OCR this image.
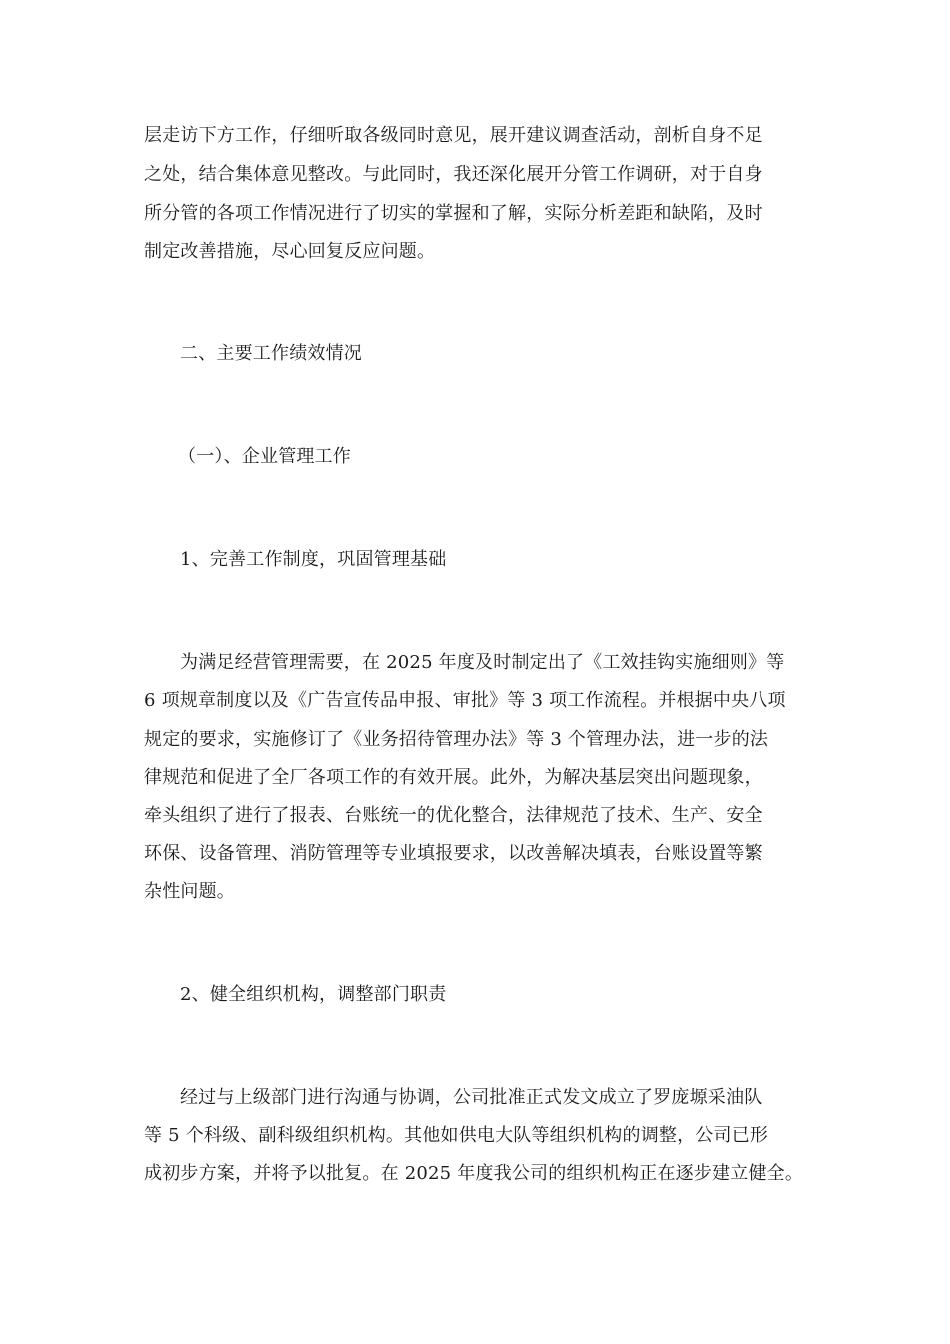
层走访下方工作，仔细听取各级同时意见，展开建议调查活动，剖析自身不足
之处，结合集体意见整改。与此同时，我还深化展开分管工作调研，对于自身
所分管的各项工作情况进行了切实的掌握和了解，实际分析差距和缺陷，及时
制定改善措施，尽心回复反应问题。
二、主要工作绩效情况
（一）、企业管理工作
1、完善工作制度，巩固管理基础
为满足经营管理需要，在 2025 年度及时制定出了《工效挂钩实施细则》等
6 项规章制度以及《广告宣传品申报、审批》等 3 项工作流程。并根据中央八项
规定的要求，实施修订了《业务招待管理办法》等 3 个管理办法，进一步的法
律规范和促进了全厂各项工作的有效开展。此外，为解决基层突出问题现象，
牵头组织了进行了报表、台账统一的优化整合，法律规范了技术、生产、安全
环保、设备管理、消防管理等专业填报要求，以改善解决填表，台账设置等繁
杂性问题。
2、健全组织机构，调整部门职责
经过与上级部门进行沟通与协调，公司批准正式发文成立了罗庞塬采油队
等 5 个科级、副科级组织机构。其他如供电大队等组织机构的调整，公司已形
成初步方案，并将予以批复。在 2025 年度我公司的组织机构正在逐步建立健全。
